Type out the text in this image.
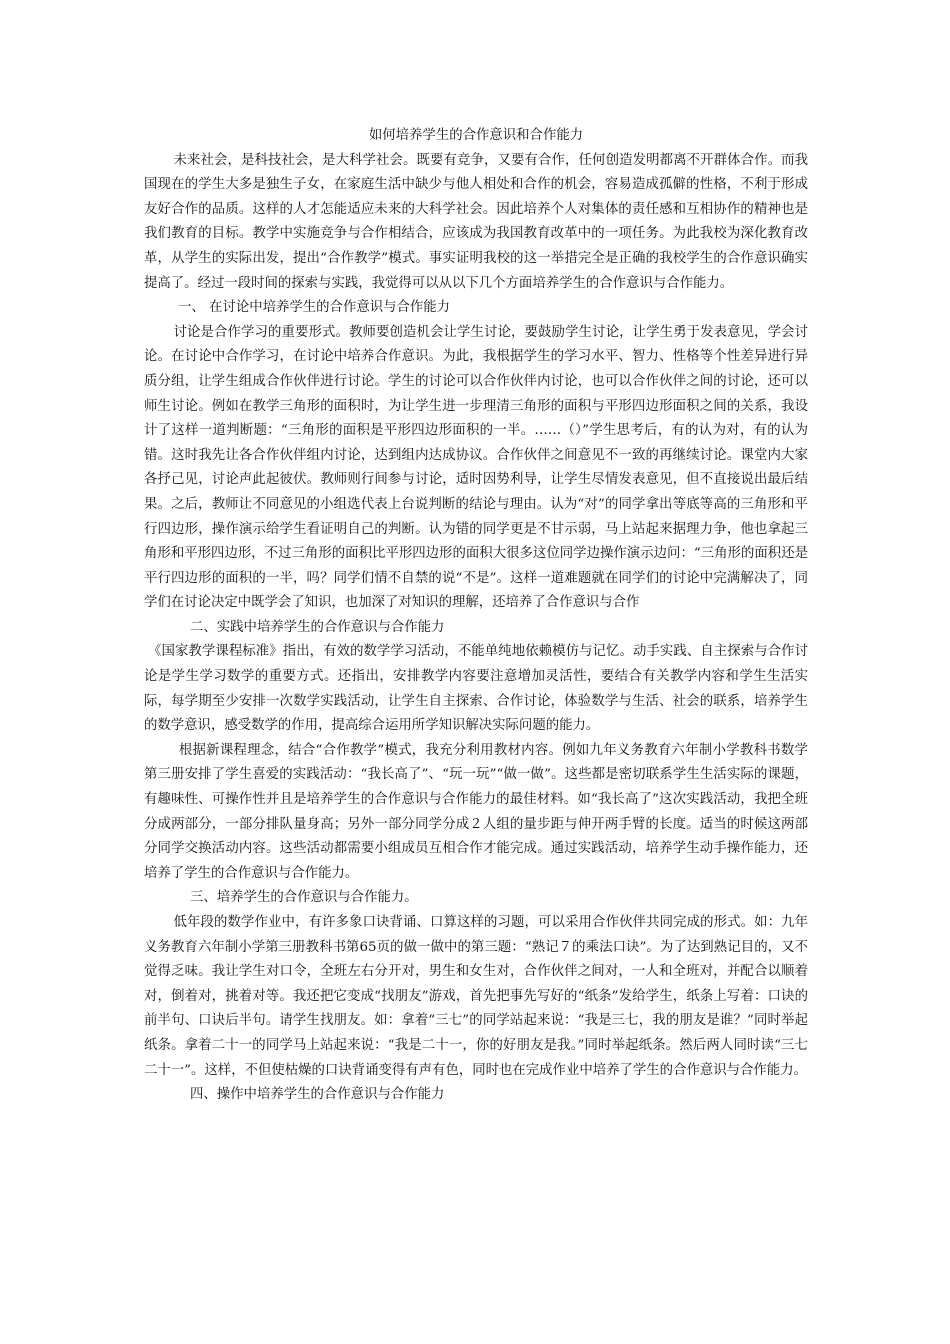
如何培养学生的合作意识和合作能力

未来社会，是科技社会，是大科学社会。既要有竞争，又要有合作，任何创造发明都离不开群体合作。而我国现在的学生大多是独生子女，在家庭生活中缺少与他人相处和合作的机会，容易造成孤僻的性格，不利于形成友好合作的品质。这样的人才怎能适应未来的大科学社会。因此培养个人对集体的责任感和互相协作的精神也是我们教育的目标。教学中实施竞争与合作相结合，应该成为我国教育改革中的一项任务。为此我校为深化教育改革，从学生的实际出发，提出“合作教学”模式。事实证明我校的这一举措完全是正确的我校学生的合作意识确实提高了。经过一段时间的探索与实践，我觉得可以从以下几个方面培养学生的合作意识与合作能力。

一、 在讨论中培养学生的合作意识与合作能力

讨论是合作学习的重要形式。教师要创造机会让学生讨论，要鼓励学生讨论，让学生勇于发表意见，学会讨论。在讨论中合作学习，在讨论中培养合作意识。为此，我根据学生的学习水平、智力、性格等个性差异进行异质分组，让学生组成合作伙伴进行讨论。学生的讨论可以合作伙伴内讨论，也可以合作伙伴之间的讨论，还可以师生讨论。例如在教学三角形的面积时，为让学生进一步理清三角形的面积与平形四边形面积之间的关系，我设计了这样一道判断题：“三角形的面积是平形四边形面积的一半。……（）”学生思考后，有的认为对，有的认为错。这时我先让各合作伙伴组内讨论，达到组内达成协议。合作伙伴之间意见不一致的再继续讨论。课堂内大家各抒己见，讨论声此起彼伏。教师则行间参与讨论，适时因势利导，让学生尽情发表意见，但不直接说出最后结果。之后，教师让不同意见的小组选代表上台说判断的结论与理由。认为“对”的同学拿出等底等高的三角形和平行四边形，操作演示给学生看证明自己的判断。认为错的同学更是不甘示弱，马上站起来据理力争，他也拿起三角形和平形四边形，不过三角形的面积比平形四边形的面积大很多这位同学边操作演示边问：“三角形的面积还是平行四边形的面积的一半，吗？同学们情不自禁的说“不是”。这样一道难题就在同学们的讨论中完满解决了，同学们在讨论决定中既学会了知识，也加深了对知识的理解，还培养了合作意识与合作

二、实践中培养学生的合作意识与合作能力

《国家教学课程标准》指出，有效的数学学习活动，不能单纯地依赖模仿与记忆。动手实践、自主探索与合作讨论是学生学习数学的重要方式。还指出，安排教学内容要注意增加灵活性，要结合有关教学内容和学生生活实际，每学期至少安排一次数学实践活动，让学生自主探索、合作讨论，体验数学与生活、社会的联系，培养学生的数学意识，感受数学的作用，提高综合运用所学知识解决实际问题的能力。

根据新课程理念，结合“合作教学”模式，我充分利用教材内容。例如九年义务教育六年制小学教科书数学第三册安排了学生喜爱的实践活动：“我长高了”、“玩一玩”“做一做”。这些都是密切联系学生生活实际的课题，有趣味性、可操作性并且是培养学生的合作意识与合作能力的最佳材料。如“我长高了”这次实践活动，我把全班分成两部分，一部分排队量身高；另外一部分同学分成２人组的量步距与伸开两手臂的长度。适当的时候这两部分同学交换活动内容。这些活动都需要小组成员互相合作才能完成。通过实践活动，培养学生动手操作能力，还培养了学生的合作意识与合作能力。

三、培养学生的合作意识与合作能力。

低年段的数学作业中，有许多象口诀背诵、口算这样的习题，可以采用合作伙伴共同完成的形式。如：九年义务教育六年制小学第三册教科书第65页的做一做中的第三题：“熟记７的乘法口诀”。为了达到熟记目的，又不觉得乏味。我让学生对口令，全班左右分开对，男生和女生对，合作伙伴之间对，一人和全班对，并配合以顺着对，倒着对，挑着对等。我还把它变成“找朋友”游戏，首先把事先写好的“纸条”发给学生，纸条上写着：口诀的前半句、口诀后半句。请学生找朋友。如：拿着“三七”的同学站起来说：“我是三七，我的朋友是谁？”同时举起纸条。拿着二十一的同学马上站起来说：“我是二十一，你的好朋友是我。”同时举起纸条。然后两人同时读“三七二十一”。这样，不但使枯燥的口诀背诵变得有声有色，同时也在完成作业中培养了学生的合作意识与合作能力。

四、操作中培养学生的合作意识与合作能力
